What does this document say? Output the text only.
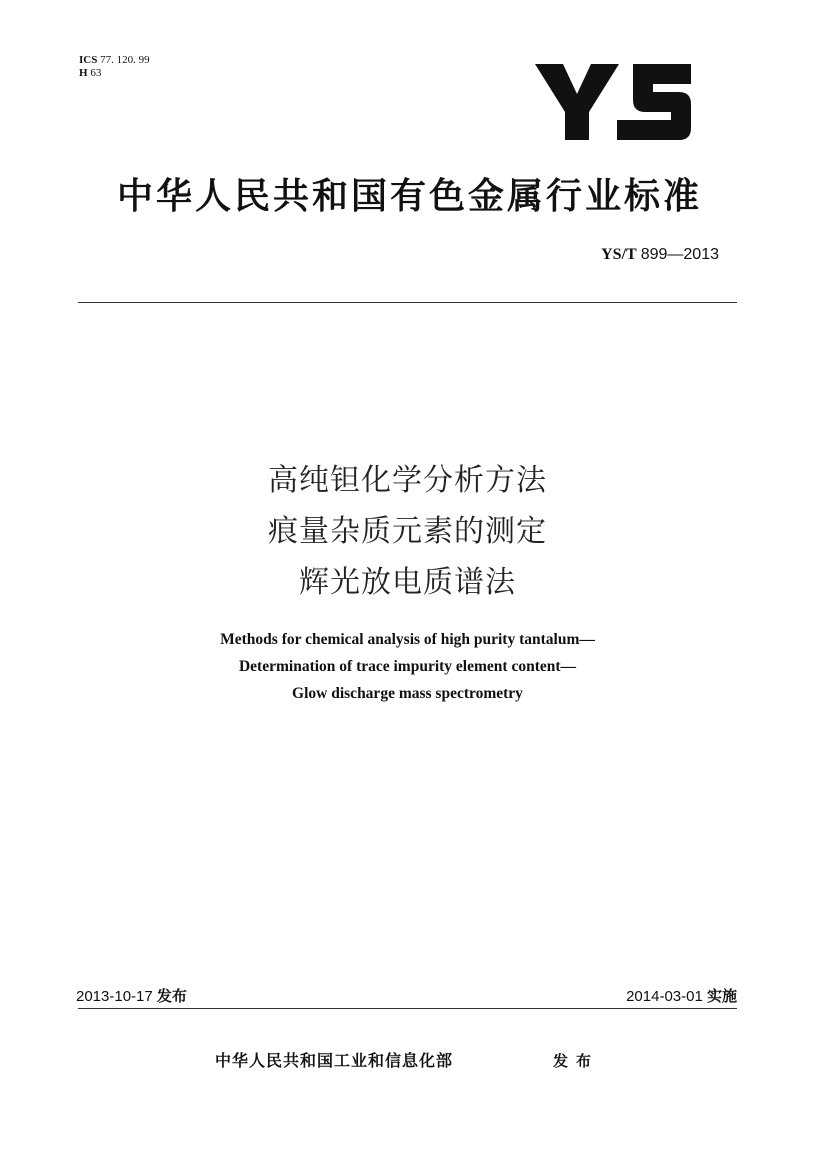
ICS 77. 120. 99
H 63
中华人民共和国有色金属行业标准
YS/T 899—2013
高纯钽化学分析方法
痕量杂质元素的测定
辉光放电质谱法
Methods for chemical analysis of high purity tantalum—
Determination of trace impurity element content—
Glow discharge mass spectrometry
2013-10-17 发布	2014-03-01 实施
中华人民共和国工业和信息化部	发布
